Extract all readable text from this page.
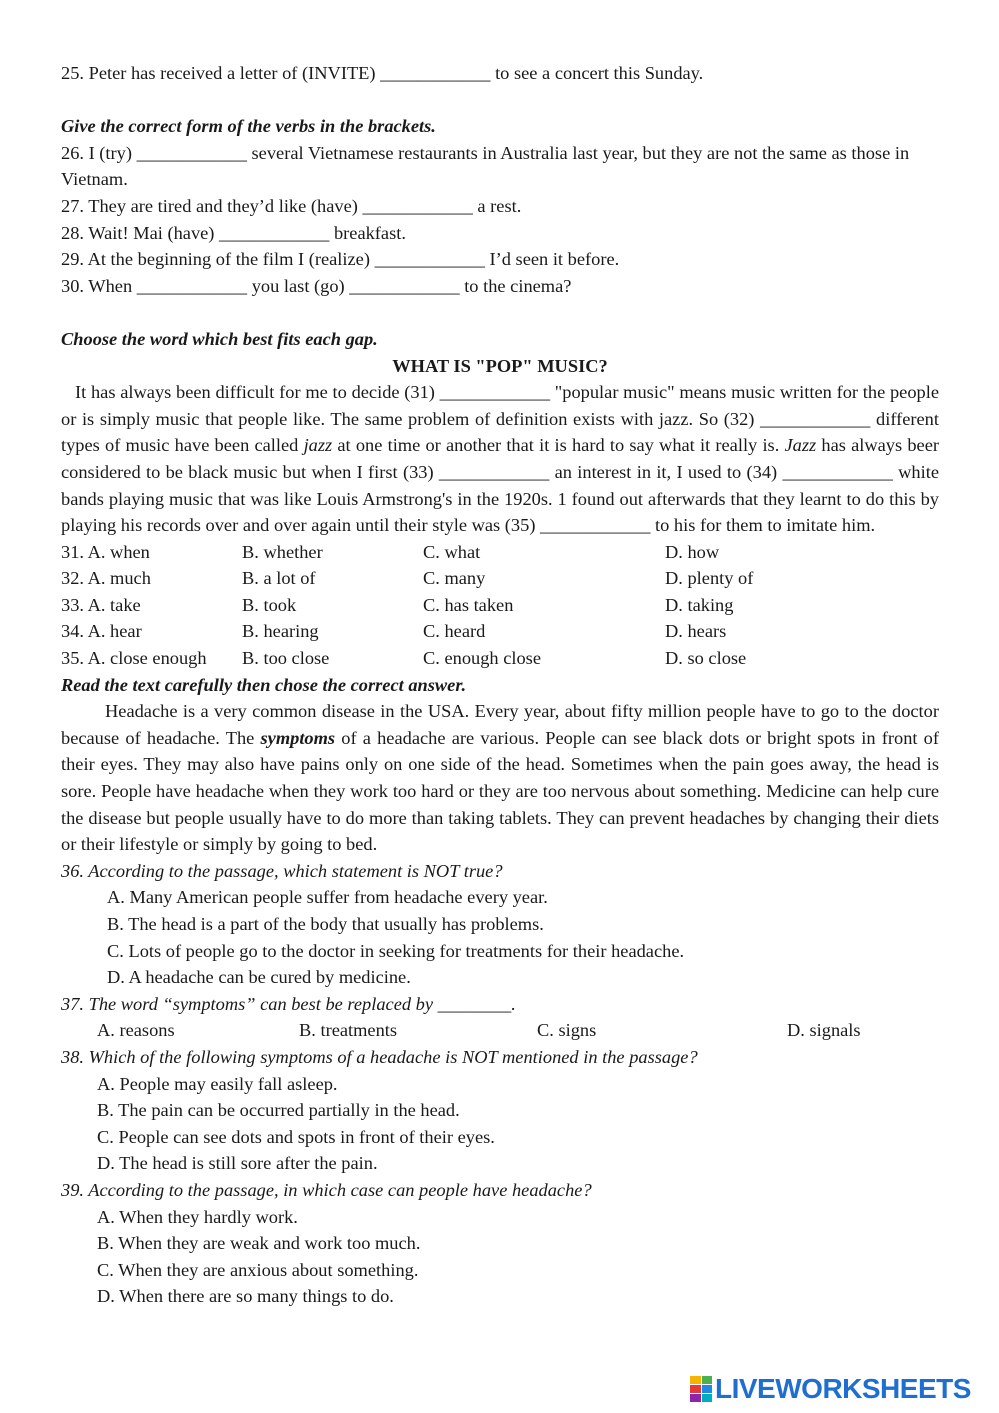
25. Peter has received a letter of (INVITE) ____________ to see a concert this Sunday.
Give the correct form of the verbs in the brackets.
26. I (try) ____________ several Vietnamese restaurants in Australia last year, but they are not the same as those in Vietnam.
27. They are tired and they’d like (have) ____________ a rest.
28. Wait! Mai (have) ____________ breakfast.
29. At the beginning of the film I (realize) ____________ I’d seen it before.
30. When ____________ you last (go) ____________ to the cinema?
Choose the word which best fits each gap.
WHAT IS "POP" MUSIC?
It has always been difficult for me to decide (31) ____________ "popular music" means music written for the people or is simply music that people like. The same problem of definition exists with jazz. So (32) ____________ different types of music have been called jazz at one time or another that it is hard to say what it really is. Jazz has always beer considered to be black music but when I first (33) ____________ an interest in it, I used to (34) ____________ white bands playing music that was like Louis Armstrong's in the 1920s. 1 found out afterwards that they learnt to do this by playing his records over and over again until their style was (35) ____________ to his for them to imitate him.
31. A. when	B. whether	C. what	D. how
32. A. much	B. a lot of	C. many	D. plenty of
33. A. take	B. took	C. has taken	D. taking
34. A. hear	B. hearing	C. heard	D. hears
35. A. close enough	B. too close	C. enough close	D. so close
Read the text carefully then chose the correct answer.
Headache is a very common disease in the USA. Every year, about fifty million people have to go to the doctor because of headache. The symptoms of a headache are various. People can see black dots or bright spots in front of their eyes. They may also have pains only on one side of the head. Sometimes when the pain goes away, the head is sore. People have headache when they work too hard or they are too nervous about something. Medicine can help cure the disease but people usually have to do more than taking tablets. They can prevent headaches by changing their diets or their lifestyle or simply by going to bed.
36. According to the passage, which statement is NOT true?
A. Many American people suffer from headache every year.
B. The head is a part of the body that usually has problems.
C. Lots of people go to the doctor in seeking for treatments for their headache.
D. A headache can be cured by medicine.
37. The word “symptoms” can best be replaced by ________.
A. reasons	B. treatments	C. signs	D. signals
38. Which of the following symptoms of a headache is NOT mentioned in the passage?
A. People may easily fall asleep.
B. The pain can be occurred partially in the head.
C. People can see dots and spots in front of their eyes.
D. The head is still sore after the pain.
39. According to the passage, in which case can people have headache?
A. When they hardly work.
B. When they are weak and work too much.
C. When they are anxious about something.
D. When there are so many things to do.
LIVEWORKSHEETS
